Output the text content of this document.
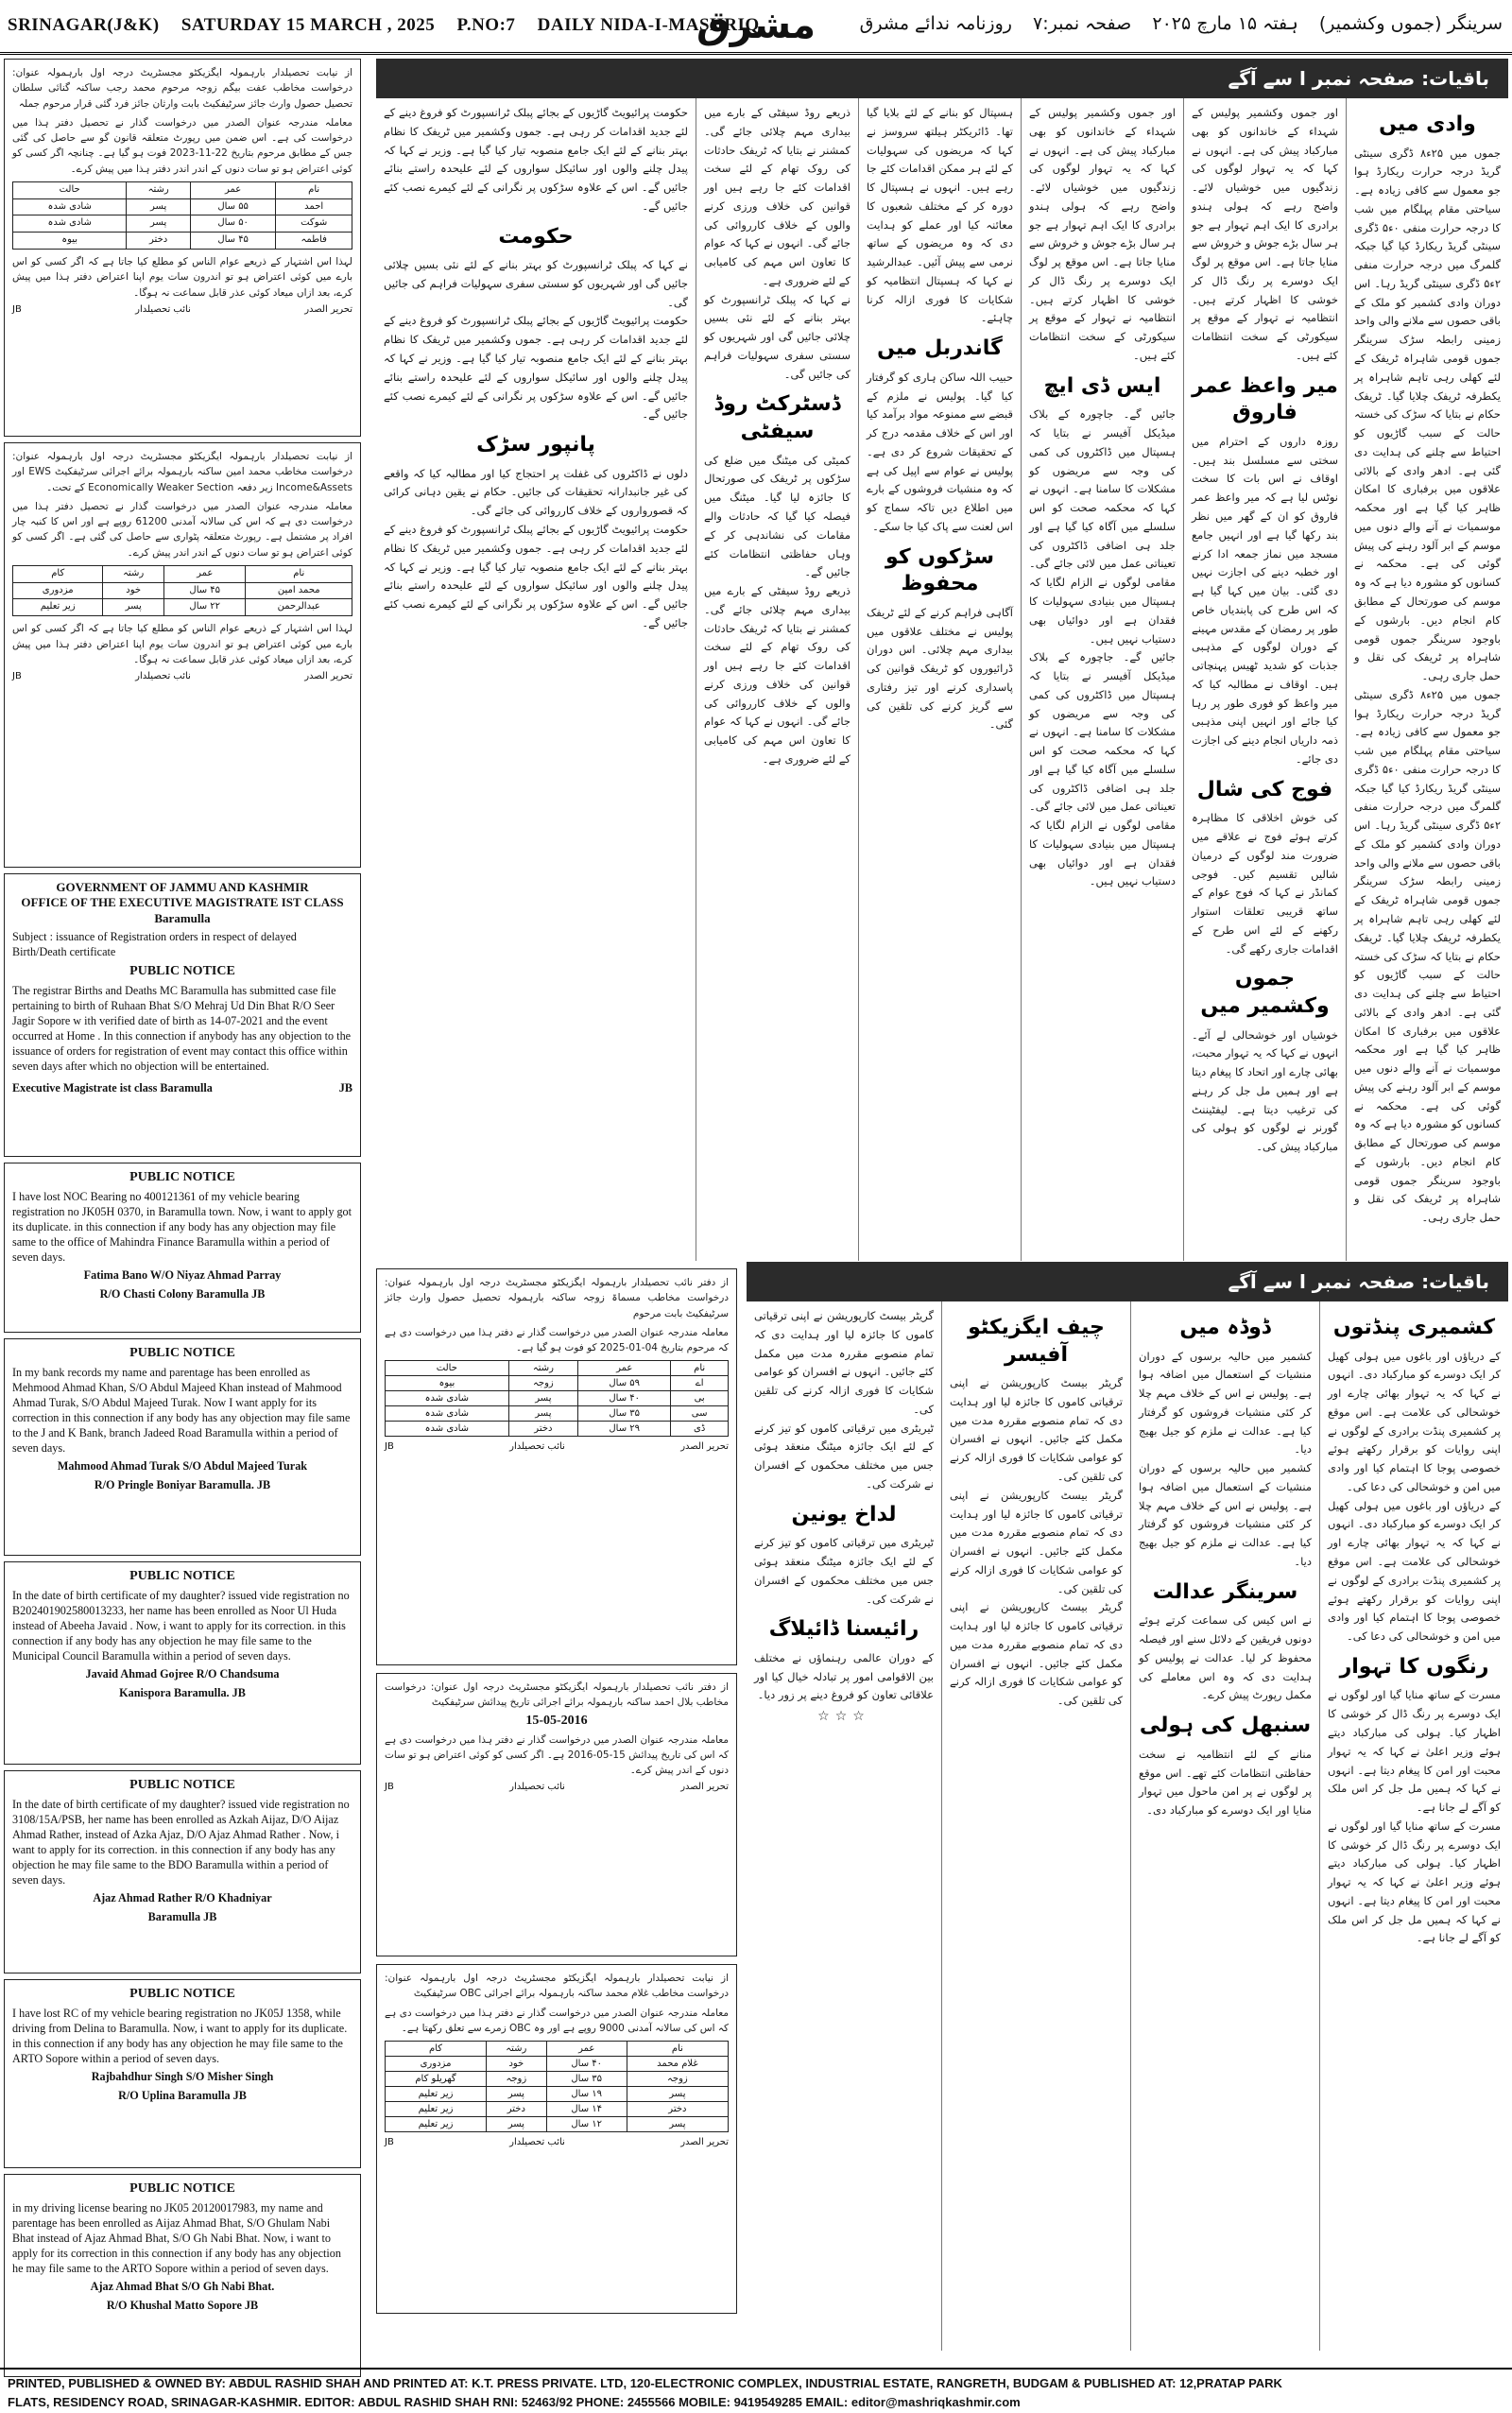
SRINAGAR(J&K) SATURDAY 15 MARCH , 2025 P.NO:7 DAILY NIDA-I-MASHRIQ
مشرق	سرینگر (جموں وکشمیر) ہفتہ ۱۵ مارچ ۲۰۲۵ صفحہ نمبر:۷ روزنامہ ندائے مشرق
از نیابت تحصیلدار بارہمولہ ایگزیکٹو مجسٹریٹ درجہ اول بارہمولہ عنوان: درخواست مخاطب عفت بیگم زوجہ مرحوم محمد رجب ساکنہ گنائی سلطان تحصیل حصول وارث جائز سرٹیفکیٹ بابت وارثان جائز فرد گئی قرار مرحوم جملہ
معاملہ مندرجہ عنوان الصدر میں درخواست گذار نے تحصیل دفتر ہذا میں درخواست کی ہے۔ اس ضمن میں رپورٹ متعلقہ قانون گو سے حاصل کی گئی جس کے مطابق مرحوم بتاریخ 22-11-2023 فوت ہو گیا ہے۔ چنانچہ اگر کسی کو کوئی اعتراض ہو تو سات دنوں کے اندر اندر دفتر ہذا میں پیش کرے۔
نام	عمر	رشتہ	حالت
احمد	۵۵ سال	پسر	شادی شدہ
شوکت	۵۰ سال	پسر	شادی شدہ
فاطمہ	۴۵ سال	دختر	بیوہ
لہذا اس اشتہار کے ذریعے عوام الناس کو مطلع کیا جاتا ہے کہ اگر کسی کو اس بارے میں کوئی اعتراض ہو تو اندرون سات یوم اپنا اعتراض دفتر ہذا میں پیش کرے، بعد ازاں میعاد کوئی عذر قابل سماعت نہ ہوگا۔
تحریر الصدر
نائب تحصیلدار
JB
از نیابت تحصیلدار بارہمولہ ایگزیکٹو مجسٹریٹ درجہ اول بارہمولہ عنوان: درخواست مخاطب محمد امین ساکنہ بارہمولہ برائے اجرائی سرٹیفکیٹ EWS اور Income&Assets زیر دفعہ Economically Weaker Section کے تحت۔
معاملہ مندرجہ عنوان الصدر میں درخواست گذار نے تحصیل دفتر ہذا میں درخواست دی ہے کہ اس کی سالانہ آمدنی 61200 روپے ہے اور اس کا کنبہ چار افراد پر مشتمل ہے۔ رپورٹ متعلقہ پٹواری سے حاصل کی گئی ہے۔ اگر کسی کو کوئی اعتراض ہو تو سات دنوں کے اندر اندر پیش کرے۔
نام	عمر	رشتہ	کام
محمد امین	۴۵ سال	خود	مزدوری
عبدالرحمن	۲۲ سال	پسر	زیر تعلیم
لہذا اس اشتہار کے ذریعے عوام الناس کو مطلع کیا جاتا ہے کہ اگر کسی کو اس بارے میں کوئی اعتراض ہو تو اندرون سات یوم اپنا اعتراض دفتر ہذا میں پیش کرے، بعد ازاں میعاد کوئی عذر قابل سماعت نہ ہوگا۔
تحریر الصدر
نائب تحصیلدار
JB
GOVERNMENT OF JAMMU AND KASHMIR
OFFICE OF THE EXECUTIVE MAGISTRATE IST CLASS Baramulla
Subject : issuance of Registration orders in respect of delayed Birth/Death certificate
PUBLIC NOTICE
The registrar Births and Deaths MC Baramulla has submitted case file pertaining to birth of Ruhaan Bhat S/O Mehraj Ud Din Bhat R/O Seer Jagir Sopore w ith verified date of birth as 14-07-2021 and the event occurred at Home . In this connection if anybody has any objection to the issuance of orders for registration of event may contact this office within seven days after which no objection will be entertained.
Executive Magistrate ist class Baramulla	JB
PUBLIC NOTICE
I have lost NOC Bearing no 400121361 of my vehicle bearing registration no JK05H 0370, in Baramulla town. Now, i want to apply got its duplicate. in this connection if any body has any objection may file same to the office of Mahindra Finance Baramulla within a period of seven days.
Fatima Bano W/O Niyaz Ahmad Parray
R/O Chasti Colony Baramulla JB
PUBLIC NOTICE
In my bank records my name and parentage has been enrolled as Mehmood Ahmad Khan, S/O Abdul Majeed Khan instead of Mahmood Ahmad Turak, S/O Abdul Majeed Turak. Now I want apply for its correction in this connection if any body has any objection may file same to the J and K Bank, branch Jadeed Road Baramulla within a period of seven days.
Mahmood Ahmad Turak S/O Abdul Majeed Turak
R/O Pringle Boniyar Baramulla. JB
PUBLIC NOTICE
In the date of birth certificate of my daughter? issued vide registration no B202401902580013233, her name has been enrolled as Noor Ul Huda instead of Abeeha Javaid . Now, i want to apply for its correction. in this connection if any body has any objection he may file same to the Municipal Council Baramulla within a period of seven days.
Javaid Ahmad Gojree R/O Chandsuma
Kanispora Baramulla. JB
PUBLIC NOTICE
In the date of birth certificate of my daughter? issued vide registration no 3108/15A/PSB, her name has been enrolled as Azkah Aijaz, D/O Aijaz Ahmad Rather, instead of Azka Ajaz, D/O Ajaz Ahmad Rather . Now, i want to apply for its correction. in this connection if any body has any objection he may file same to the BDO Baramulla within a period of seven days.
Ajaz Ahmad Rather R/O Khadniyar
Baramulla JB
PUBLIC NOTICE
I have lost RC of my vehicle bearing registration no JK05J 1358, while driving from Delina to Baramulla. Now, i want to apply for its duplicate. in this connection if any body has any objection he may file same to the ARTO Sopore within a period of seven days.
Rajbahdhur Singh S/O Misher Singh
R/O Uplina Baramulla JB
PUBLIC NOTICE
in my driving license bearing no JK05 20120017983, my name and parentage has been enrolled as Aijaz Ahmad Bhat, S/O Ghulam Nabi Bhat instead of Ajaz Ahmad Bhat, S/O Gh Nabi Bhat. Now, i want to apply for its correction in this connection if any body has any objection he may file same to the ARTO Sopore within a period of seven days.
Ajaz Ahmad Bhat S/O Gh Nabi Bhat.
R/O Khushal Matto Sopore JB
باقیات: صفحہ نمبر ا سے آگے
وادی میں
جموں میں ۲۵ء۸ ڈگری سینٹی گریڈ درجہ حرارت ریکارڈ ہوا جو معمول سے کافی زیادہ ہے۔ سیاحتی مقام پہلگام میں شب کا درجہ حرارت منفی ۰ء۵ ڈگری سینٹی گریڈ ریکارڈ کیا گیا جبکہ گلمرگ میں درجہ حرارت منفی ۲ء۵ ڈگری سینٹی گریڈ رہا۔ اس دوران وادی کشمیر کو ملک کے باقی حصوں سے ملانے والی واحد زمینی رابطہ سڑک سرینگر جموں قومی شاہراہ ٹریفک کے لئے کھلی رہی تاہم شاہراہ پر یکطرفہ ٹریفک چلایا گیا۔ ٹریفک حکام نے بتایا کہ سڑک کی خستہ حالت کے سبب گاڑیوں کو احتیاط سے چلنے کی ہدایت دی گئی ہے۔ ادھر وادی کے بالائی علاقوں میں برفباری کا امکان ظاہر کیا گیا ہے اور محکمہ موسمیات نے آنے والے دنوں میں موسم کے ابر آلود رہنے کی پیش گوئی کی ہے۔ محکمہ نے کسانوں کو مشورہ دیا ہے کہ وہ موسم کی صورتحال کے مطابق کام انجام دیں۔ بارشوں کے باوجود سرینگر جموں قومی شاہراہ پر ٹریفک کی نقل و حمل جاری رہی۔
جموں میں ۲۵ء۸ ڈگری سینٹی گریڈ درجہ حرارت ریکارڈ ہوا جو معمول سے کافی زیادہ ہے۔ سیاحتی مقام پہلگام میں شب کا درجہ حرارت منفی ۰ء۵ ڈگری سینٹی گریڈ ریکارڈ کیا گیا جبکہ گلمرگ میں درجہ حرارت منفی ۲ء۵ ڈگری سینٹی گریڈ رہا۔ اس دوران وادی کشمیر کو ملک کے باقی حصوں سے ملانے والی واحد زمینی رابطہ سڑک سرینگر جموں قومی شاہراہ ٹریفک کے لئے کھلی رہی تاہم شاہراہ پر یکطرفہ ٹریفک چلایا گیا۔ ٹریفک حکام نے بتایا کہ سڑک کی خستہ حالت کے سبب گاڑیوں کو احتیاط سے چلنے کی ہدایت دی گئی ہے۔ ادھر وادی کے بالائی علاقوں میں برفباری کا امکان ظاہر کیا گیا ہے اور محکمہ موسمیات نے آنے والے دنوں میں موسم کے ابر آلود رہنے کی پیش گوئی کی ہے۔ محکمہ نے کسانوں کو مشورہ دیا ہے کہ وہ موسم کی صورتحال کے مطابق کام انجام دیں۔ بارشوں کے باوجود سرینگر جموں قومی شاہراہ پر ٹریفک کی نقل و حمل جاری رہی۔
اور جموں وکشمیر پولیس کے شہداء کے خاندانوں کو بھی مبارکباد پیش کی ہے۔ انہوں نے کہا کہ یہ تہوار لوگوں کی زندگیوں میں خوشیاں لائے۔ واضح رہے کہ ہولی ہندو برادری کا ایک اہم تہوار ہے جو ہر سال بڑے جوش و خروش سے منایا جاتا ہے۔ اس موقع پر لوگ ایک دوسرے پر رنگ ڈال کر خوشی کا اظہار کرتے ہیں۔ انتظامیہ نے تہوار کے موقع پر سیکورٹی کے سخت انتظامات کئے ہیں۔
میر واعظ عمر فاروق
روزہ داروں کے احترام میں سختی سے مسلسل بند ہیں۔ اوقاف نے اس بات کا سخت نوٹس لیا ہے کہ میر واعظ عمر فاروق کو ان کے گھر میں نظر بند رکھا گیا ہے اور انہیں جامع مسجد میں نماز جمعہ ادا کرنے اور خطبہ دینے کی اجازت نہیں دی گئی۔ بیان میں کہا گیا ہے کہ اس طرح کی پابندیاں خاص طور پر رمضان کے مقدس مہینے کے دوران لوگوں کے مذہبی جذبات کو شدید ٹھیس پہنچاتی ہیں۔ اوقاف نے مطالبہ کیا کہ میر واعظ کو فوری طور پر رہا کیا جائے اور انہیں اپنی مذہبی ذمہ داریاں انجام دینے کی اجازت دی جائے۔
فوج کی شال
کی خوش اخلاقی کا مظاہرہ کرتے ہوئے فوج نے علاقے میں ضرورت مند لوگوں کے درمیان شالیں تقسیم کیں۔ فوجی کمانڈر نے کہا کہ فوج عوام کے ساتھ قریبی تعلقات استوار رکھنے کے لئے اس طرح کے اقدامات جاری رکھے گی۔
جموں وکشمیر میں
خوشیاں اور خوشحالی لے آئے۔ انہوں نے کہا کہ یہ تہوار محبت، بھائی چارے اور اتحاد کا پیغام دیتا ہے اور ہمیں مل جل کر رہنے کی ترغیب دیتا ہے۔ لیفٹیننٹ گورنر نے لوگوں کو ہولی کی مبارکباد پیش کی۔
اور جموں وکشمیر پولیس کے شہداء کے خاندانوں کو بھی مبارکباد پیش کی ہے۔ انہوں نے کہا کہ یہ تہوار لوگوں کی زندگیوں میں خوشیاں لائے۔ واضح رہے کہ ہولی ہندو برادری کا ایک اہم تہوار ہے جو ہر سال بڑے جوش و خروش سے منایا جاتا ہے۔ اس موقع پر لوگ ایک دوسرے پر رنگ ڈال کر خوشی کا اظہار کرتے ہیں۔ انتظامیہ نے تہوار کے موقع پر سیکورٹی کے سخت انتظامات کئے ہیں۔
ایس ڈی ایچ
جائیں گے۔ جاچورہ کے بلاک میڈیکل آفیسر نے بتایا کہ ہسپتال میں ڈاکٹروں کی کمی کی وجہ سے مریضوں کو مشکلات کا سامنا ہے۔ انہوں نے کہا کہ محکمہ صحت کو اس سلسلے میں آگاہ کیا گیا ہے اور جلد ہی اضافی ڈاکٹروں کی تعیناتی عمل میں لائی جائے گی۔ مقامی لوگوں نے الزام لگایا کہ ہسپتال میں بنیادی سہولیات کا فقدان ہے اور دوائیاں بھی دستیاب نہیں ہیں۔
جائیں گے۔ جاچورہ کے بلاک میڈیکل آفیسر نے بتایا کہ ہسپتال میں ڈاکٹروں کی کمی کی وجہ سے مریضوں کو مشکلات کا سامنا ہے۔ انہوں نے کہا کہ محکمہ صحت کو اس سلسلے میں آگاہ کیا گیا ہے اور جلد ہی اضافی ڈاکٹروں کی تعیناتی عمل میں لائی جائے گی۔ مقامی لوگوں نے الزام لگایا کہ ہسپتال میں بنیادی سہولیات کا فقدان ہے اور دوائیاں بھی دستیاب نہیں ہیں۔
ہسپتال کو بنانے کے لئے بلایا گیا تھا۔ ڈائریکٹر ہیلتھ سروسز نے کہا کہ مریضوں کی سہولیات کے لئے ہر ممکن اقدامات کئے جا رہے ہیں۔ انہوں نے ہسپتال کا دورہ کر کے مختلف شعبوں کا معائنہ کیا اور عملے کو ہدایت دی کہ وہ مریضوں کے ساتھ نرمی سے پیش آئیں۔ عبدالرشید نے کہا کہ ہسپتال انتظامیہ کو شکایات کا فوری ازالہ کرنا چاہئے۔
گاندربل میں
حبیب اللہ ساکن ہاری کو گرفتار کیا گیا۔ پولیس نے ملزم کے قبضے سے ممنوعہ مواد برآمد کیا اور اس کے خلاف مقدمہ درج کر کے تحقیقات شروع کر دی ہے۔ پولیس نے عوام سے اپیل کی ہے کہ وہ منشیات فروشوں کے بارے میں اطلاع دیں تاکہ سماج کو اس لعنت سے پاک کیا جا سکے۔
سڑکوں کو محفوظ
آگاہی فراہم کرنے کے لئے ٹریفک پولیس نے مختلف علاقوں میں بیداری مہم چلائی۔ اس دوران ڈرائیوروں کو ٹریفک قوانین کی پاسداری کرنے اور تیز رفتاری سے گریز کرنے کی تلقین کی گئی۔
ذریعے روڈ سیفٹی کے بارے میں بیداری مہم چلائی جائے گی۔ کمشنر نے بتایا کہ ٹریفک حادثات کی روک تھام کے لئے سخت اقدامات کئے جا رہے ہیں اور قوانین کی خلاف ورزی کرنے والوں کے خلاف کارروائی کی جائے گی۔ انہوں نے کہا کہ عوام کا تعاون اس مہم کی کامیابی کے لئے ضروری ہے۔
نے کہا کہ پبلک ٹرانسپورٹ کو بہتر بنانے کے لئے نئی بسیں چلائی جائیں گی اور شہریوں کو سستی سفری سہولیات فراہم کی جائیں گی۔
ڈسٹرکٹ روڈ سیفٹی
کمیٹی کی میٹنگ میں ضلع کی سڑکوں پر ٹریفک کی صورتحال کا جائزہ لیا گیا۔ میٹنگ میں فیصلہ کیا گیا کہ حادثات والے مقامات کی نشاندہی کر کے وہاں حفاظتی انتظامات کئے جائیں گے۔
ذریعے روڈ سیفٹی کے بارے میں بیداری مہم چلائی جائے گی۔ کمشنر نے بتایا کہ ٹریفک حادثات کی روک تھام کے لئے سخت اقدامات کئے جا رہے ہیں اور قوانین کی خلاف ورزی کرنے والوں کے خلاف کارروائی کی جائے گی۔ انہوں نے کہا کہ عوام کا تعاون اس مہم کی کامیابی کے لئے ضروری ہے۔
حکومت پرائیویٹ گاڑیوں کے بجائے پبلک ٹرانسپورٹ کو فروغ دینے کے لئے جدید اقدامات کر رہی ہے۔ جموں وکشمیر میں ٹریفک کا نظام بہتر بنانے کے لئے ایک جامع منصوبہ تیار کیا گیا ہے۔ وزیر نے کہا کہ پیدل چلنے والوں اور سائیکل سواروں کے لئے علیحدہ راستے بنائے جائیں گے۔ اس کے علاوہ سڑکوں پر نگرانی کے لئے کیمرے نصب کئے جائیں گے۔
حکومت
نے کہا کہ پبلک ٹرانسپورٹ کو بہتر بنانے کے لئے نئی بسیں چلائی جائیں گی اور شہریوں کو سستی سفری سہولیات فراہم کی جائیں گی۔
حکومت پرائیویٹ گاڑیوں کے بجائے پبلک ٹرانسپورٹ کو فروغ دینے کے لئے جدید اقدامات کر رہی ہے۔ جموں وکشمیر میں ٹریفک کا نظام بہتر بنانے کے لئے ایک جامع منصوبہ تیار کیا گیا ہے۔ وزیر نے کہا کہ پیدل چلنے والوں اور سائیکل سواروں کے لئے علیحدہ راستے بنائے جائیں گے۔ اس کے علاوہ سڑکوں پر نگرانی کے لئے کیمرے نصب کئے جائیں گے۔
پانپور سڑک
دلوں نے ڈاکٹروں کی غفلت پر احتجاج کیا اور مطالبہ کیا کہ واقعے کی غیر جانبدارانہ تحقیقات کی جائیں۔ حکام نے یقین دہانی کرائی کہ قصورواروں کے خلاف کارروائی کی جائے گی۔
حکومت پرائیویٹ گاڑیوں کے بجائے پبلک ٹرانسپورٹ کو فروغ دینے کے لئے جدید اقدامات کر رہی ہے۔ جموں وکشمیر میں ٹریفک کا نظام بہتر بنانے کے لئے ایک جامع منصوبہ تیار کیا گیا ہے۔ وزیر نے کہا کہ پیدل چلنے والوں اور سائیکل سواروں کے لئے علیحدہ راستے بنائے جائیں گے۔ اس کے علاوہ سڑکوں پر نگرانی کے لئے کیمرے نصب کئے جائیں گے۔
از دفتر نائب تحصیلدار بارہمولہ ایگزیکٹو مجسٹریٹ درجہ اول بارہمولہ عنوان: درخواست مخاطب مسماۃ زوجہ ساکنہ بارہمولہ تحصیل حصول وارث جائز سرٹیفکیٹ بابت مرحوم
معاملہ مندرجہ عنوان الصدر میں درخواست گذار نے دفتر ہذا میں درخواست دی ہے کہ مرحوم بتاریخ 04-01-2025 کو فوت ہو گیا ہے۔
نام	عمر	رشتہ	حالت
اے	۵۹ سال	زوجہ	بیوہ
بی	۴۰ سال	پسر	شادی شدہ
سی	۳۵ سال	پسر	شادی شدہ
ڈی	۲۹ سال	دختر	شادی شدہ
تحریر الصدر
نائب تحصیلدار
JB
از دفتر نائب تحصیلدار بارہمولہ ایگزیکٹو مجسٹریٹ درجہ اول عنوان: درخواست مخاطب بلال احمد ساکنہ بارہمولہ برائے اجرائی تاریخ پیدائش سرٹیفکیٹ
15-05-2016
معاملہ مندرجہ عنوان الصدر میں درخواست گذار نے دفتر ہذا میں درخواست دی ہے کہ اس کی تاریخ پیدائش 15-05-2016 ہے۔ اگر کسی کو کوئی اعتراض ہو تو سات دنوں کے اندر پیش کرے۔
تحریر الصدر
نائب تحصیلدار
JB
از نیابت تحصیلدار بارہمولہ ایگزیکٹو مجسٹریٹ درجہ اول بارہمولہ عنوان: درخواست مخاطب غلام محمد ساکنہ بارہمولہ برائے اجرائی OBC سرٹیفکیٹ
معاملہ مندرجہ عنوان الصدر میں درخواست گذار نے دفتر ہذا میں درخواست دی ہے کہ اس کی سالانہ آمدنی 9000 روپے ہے اور وہ OBC زمرے سے تعلق رکھتا ہے۔
نام	عمر	رشتہ	کام
غلام محمد	۴۰ سال	خود	مزدوری
زوجہ	۳۵ سال	زوجہ	گھریلو کام
پسر	۱۹ سال	پسر	زیر تعلیم
دختر	۱۴ سال	دختر	زیر تعلیم
پسر	۱۲ سال	پسر	زیر تعلیم
تحریر الصدر
نائب تحصیلدار
JB
باقیات: صفحہ نمبر ا سے آگے
کشمیری پنڈتوں
کے دریاؤں اور باغوں میں ہولی کھیل کر ایک دوسرے کو مبارکباد دی۔ انہوں نے کہا کہ یہ تہوار بھائی چارے اور خوشحالی کی علامت ہے۔ اس موقع پر کشمیری پنڈت برادری کے لوگوں نے اپنی روایات کو برقرار رکھتے ہوئے خصوصی پوجا کا اہتمام کیا اور وادی میں امن و خوشحالی کی دعا کی۔
کے دریاؤں اور باغوں میں ہولی کھیل کر ایک دوسرے کو مبارکباد دی۔ انہوں نے کہا کہ یہ تہوار بھائی چارے اور خوشحالی کی علامت ہے۔ اس موقع پر کشمیری پنڈت برادری کے لوگوں نے اپنی روایات کو برقرار رکھتے ہوئے خصوصی پوجا کا اہتمام کیا اور وادی میں امن و خوشحالی کی دعا کی۔
رنگوں کا تہوار
مسرت کے ساتھ منایا گیا اور لوگوں نے ایک دوسرے پر رنگ ڈال کر خوشی کا اظہار کیا۔ ہولی کی مبارکباد دیتے ہوئے وزیر اعلیٰ نے کہا کہ یہ تہوار محبت اور امن کا پیغام دیتا ہے۔ انہوں نے کہا کہ ہمیں مل جل کر اس ملک کو آگے لے جانا ہے۔
مسرت کے ساتھ منایا گیا اور لوگوں نے ایک دوسرے پر رنگ ڈال کر خوشی کا اظہار کیا۔ ہولی کی مبارکباد دیتے ہوئے وزیر اعلیٰ نے کہا کہ یہ تہوار محبت اور امن کا پیغام دیتا ہے۔ انہوں نے کہا کہ ہمیں مل جل کر اس ملک کو آگے لے جانا ہے۔
ڈوڈہ میں
کشمیر میں حالیہ برسوں کے دوران منشیات کے استعمال میں اضافہ ہوا ہے۔ پولیس نے اس کے خلاف مہم چلا کر کئی منشیات فروشوں کو گرفتار کیا ہے۔ عدالت نے ملزم کو جیل بھیج دیا۔
کشمیر میں حالیہ برسوں کے دوران منشیات کے استعمال میں اضافہ ہوا ہے۔ پولیس نے اس کے خلاف مہم چلا کر کئی منشیات فروشوں کو گرفتار کیا ہے۔ عدالت نے ملزم کو جیل بھیج دیا۔
سرینگر عدالت
نے اس کیس کی سماعت کرتے ہوئے دونوں فریقین کے دلائل سنے اور فیصلہ محفوظ کر لیا۔ عدالت نے پولیس کو ہدایت دی کہ وہ اس معاملے کی مکمل رپورٹ پیش کرے۔
سنبھل کی ہولی
منانے کے لئے انتظامیہ نے سخت حفاظتی انتظامات کئے تھے۔ اس موقع پر لوگوں نے پر امن ماحول میں تہوار منایا اور ایک دوسرے کو مبارکباد دی۔
چیف ایگزیکٹو آفیسر
گریٹر بیسٹ کارپوریشن نے اپنی ترقیاتی کاموں کا جائزہ لیا اور ہدایت دی کہ تمام منصوبے مقررہ مدت میں مکمل کئے جائیں۔ انہوں نے افسران کو عوامی شکایات کا فوری ازالہ کرنے کی تلقین کی۔
گریٹر بیسٹ کارپوریشن نے اپنی ترقیاتی کاموں کا جائزہ لیا اور ہدایت دی کہ تمام منصوبے مقررہ مدت میں مکمل کئے جائیں۔ انہوں نے افسران کو عوامی شکایات کا فوری ازالہ کرنے کی تلقین کی۔
گریٹر بیسٹ کارپوریشن نے اپنی ترقیاتی کاموں کا جائزہ لیا اور ہدایت دی کہ تمام منصوبے مقررہ مدت میں مکمل کئے جائیں۔ انہوں نے افسران کو عوامی شکایات کا فوری ازالہ کرنے کی تلقین کی۔
گریٹر بیسٹ کارپوریشن نے اپنی ترقیاتی کاموں کا جائزہ لیا اور ہدایت دی کہ تمام منصوبے مقررہ مدت میں مکمل کئے جائیں۔ انہوں نے افسران کو عوامی شکایات کا فوری ازالہ کرنے کی تلقین کی۔
ٹیریٹری میں ترقیاتی کاموں کو تیز کرنے کے لئے ایک جائزہ میٹنگ منعقد ہوئی جس میں مختلف محکموں کے افسران نے شرکت کی۔
لداخ یونین
ٹیریٹری میں ترقیاتی کاموں کو تیز کرنے کے لئے ایک جائزہ میٹنگ منعقد ہوئی جس میں مختلف محکموں کے افسران نے شرکت کی۔
رائیسنا ڈائیلاگ
کے دوران عالمی رہنماؤں نے مختلف بین الاقوامی امور پر تبادلہ خیال کیا اور علاقائی تعاون کو فروغ دینے پر زور دیا۔
☆☆☆
PRINTED, PUBLISHED & OWNED BY: ABDUL RASHID SHAH AND PRINTED AT: K.T. PRESS PRIVATE. LTD, 120-ELECTRONIC COMPLEX, INDUSTRIAL ESTATE, RANGRETH, BUDGAM & PUBLISHED AT: 12,PRATAP PARK
FLATS, RESIDENCY ROAD, SRINAGAR-KASHMIR. EDITOR: ABDUL RASHID SHAH RNI: 52463/92 PHONE: 2455566 MOBILE: 9419549285 EMAIL: editor@mashriqkashmir.com
